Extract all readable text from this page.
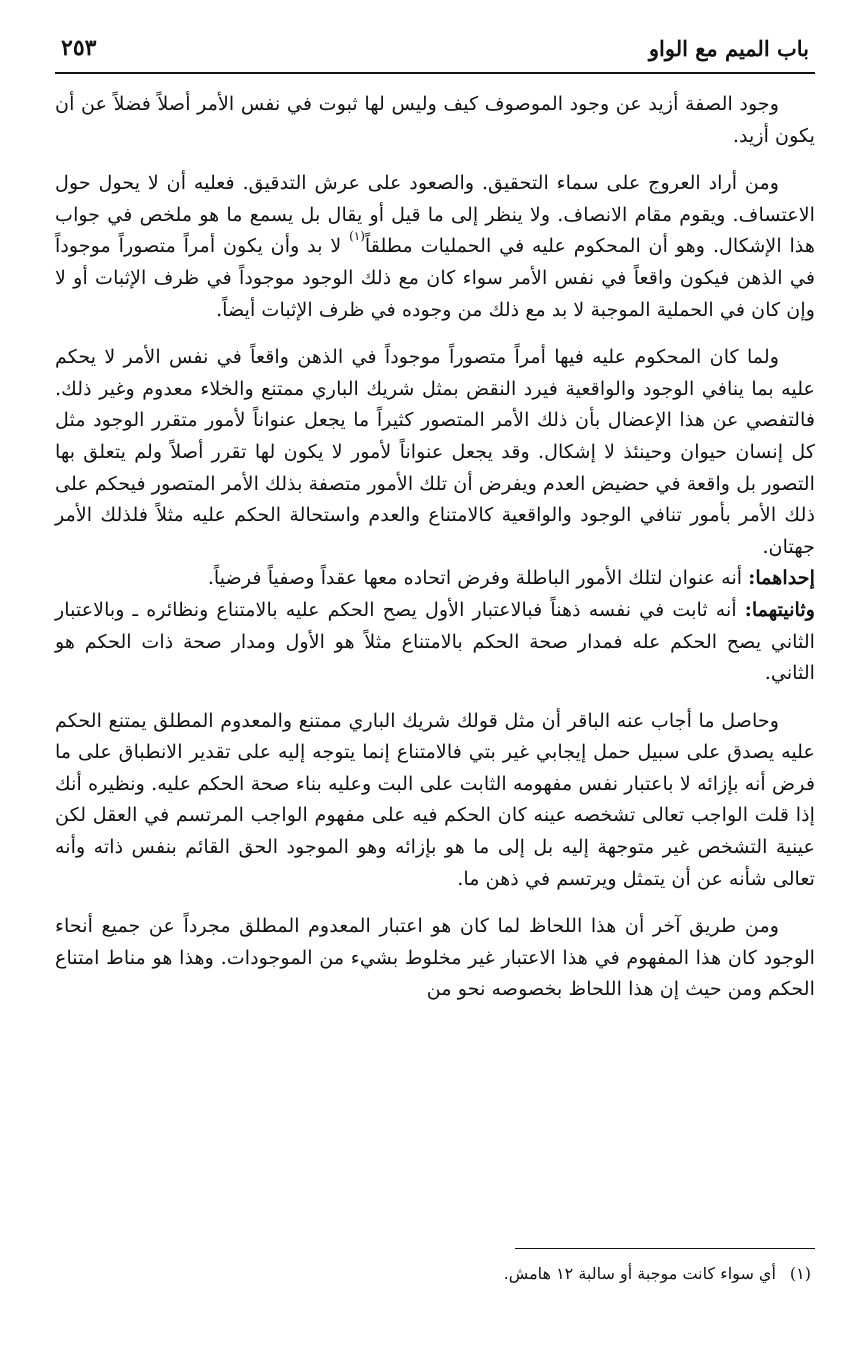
باب الميم مع الواو
٢٥٣

وجود الصفة أزيد عن وجود الموصوف كيف وليس لها ثبوت في نفس الأمر أصلاً فضلاً عن أن يكون أزيد.

ومن أراد العروج على سماء التحقيق. والصعود على عرش التدقيق. فعليه أن لا يحول حول الاعتساف. ويقوم مقام الانصاف. ولا ينظر إلى ما قيل أو يقال بل يسمع ما هو ملخص في جواب هذا الإشكال. وهو أن المحكوم عليه في الحمليات مطلقاً$^{(١)}$ لا بد وأن يكون أمراً متصوراً موجوداً في الذهن فيكون واقعاً في نفس الأمر سواء كان مع ذلك الوجود موجوداً في ظرف الإثبات أو لا وإن كان في الحملية الموجبة لا بد مع ذلك من وجوده في ظرف الإثبات أيضاً.

ولما كان المحكوم عليه فيها أمراً متصوراً موجوداً في الذهن واقعاً في نفس الأمر لا يحكم عليه بما ينافي الوجود والواقعية فيرد النقض بمثل شريك الباري ممتنع والخلاء معدوم وغير ذلك. فالتفصي عن هذا الإعضال بأن ذلك الأمر المتصور كثيراً ما يجعل عنواناً لأمور متقرر الوجود مثل كل إنسان حيوان وحينئذ لا إشكال. وقد يجعل عنواناً لأمور لا يكون لها تقرر أصلاً ولم يتعلق بها التصور بل واقعة في حضيض العدم ويفرض أن تلك الأمور متصفة بذلك الأمر المتصور فيحكم على ذلك الأمر بأمور تنافي الوجود والواقعية كالامتناع والعدم واستحالة الحكم عليه مثلاً فلذلك الأمر جهتان.

إحداهما: أنه عنوان لتلك الأمور الباطلة وفرض اتحاده معها عقداً وصفياً فرضياً.

وثانيتهما: أنه ثابت في نفسه ذهناً فبالاعتبار الأول يصح الحكم عليه بالامتناع ونظائره ـ وبالاعتبار الثاني يصح الحكم عله فمدار صحة الحكم بالامتناع مثلاً هو الأول ومدار صحة ذات الحكم هو الثاني.

وحاصل ما أجاب عنه الباقر أن مثل قولك شريك الباري ممتنع والمعدوم المطلق يمتنع الحكم عليه يصدق على سبيل حمل إيجابي غير بتي فالامتناع إنما يتوجه إليه على تقدير الانطباق على ما فرض أنه بإزائه لا باعتبار نفس مفهومه الثابت على البت وعليه بناء صحة الحكم عليه. ونظيره أنك إذا قلت الواجب تعالى تشخصه عينه كان الحكم فيه على مفهوم الواجب المرتسم في العقل لكن عينية التشخص غير متوجهة إليه بل إلى ما هو بإزائه وهو الموجود الحق القائم بنفس ذاته وأنه تعالى شأنه عن أن يتمثل ويرتسم في ذهن ما.

ومن طريق آخر أن هذا اللحاظ لما كان هو اعتبار المعدوم المطلق مجرداً عن جميع أنحاء الوجود كان هذا المفهوم في هذا الاعتبار غير مخلوط بشيء من الموجودات. وهذا هو مناط امتناع الحكم ومن حيث إن هذا اللحاظ بخصوصه نحو من

(١)أي سواء كانت موجبة أو سالبة ١٢ هامش.
